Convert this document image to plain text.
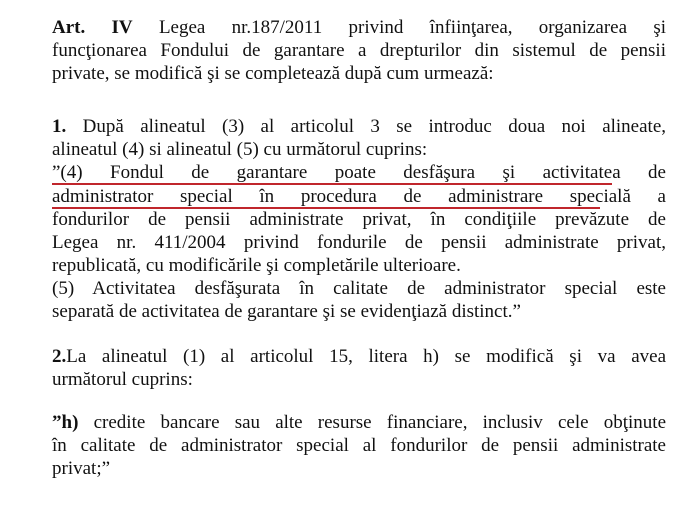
Art. IV Legea nr.187/2011 privind înfiinţarea, organizarea şi
funcţionarea Fondului de garantare a drepturilor din sistemul de pensii
private, se modifică şi se completează după cum urmează:
1. După alineatul (3) al articolul 3 se introduc doua noi alineate,
alineatul (4) si alineatul (5) cu următorul cuprins:
”(4) Fondul de garantare poate desfăşura şi activitatea de
administrator special în procedura de administrare specială a
fondurilor de pensii administrate privat, în condiţiile prevăzute de
Legea nr. 411/2004 privind fondurile de pensii administrate privat,
republicată, cu modificările şi completările ulterioare.
(5) Activitatea desfăşurata în calitate de administrator special este
separată de activitatea de garantare şi se evidenţiază distinct.”
2.La alineatul (1) al articolul 15, litera h) se modifică şi va avea
următorul cuprins:
”h) credite bancare sau alte resurse financiare, inclusiv cele obţinute
în calitate de administrator special al fondurilor de pensii administrate
privat;”
